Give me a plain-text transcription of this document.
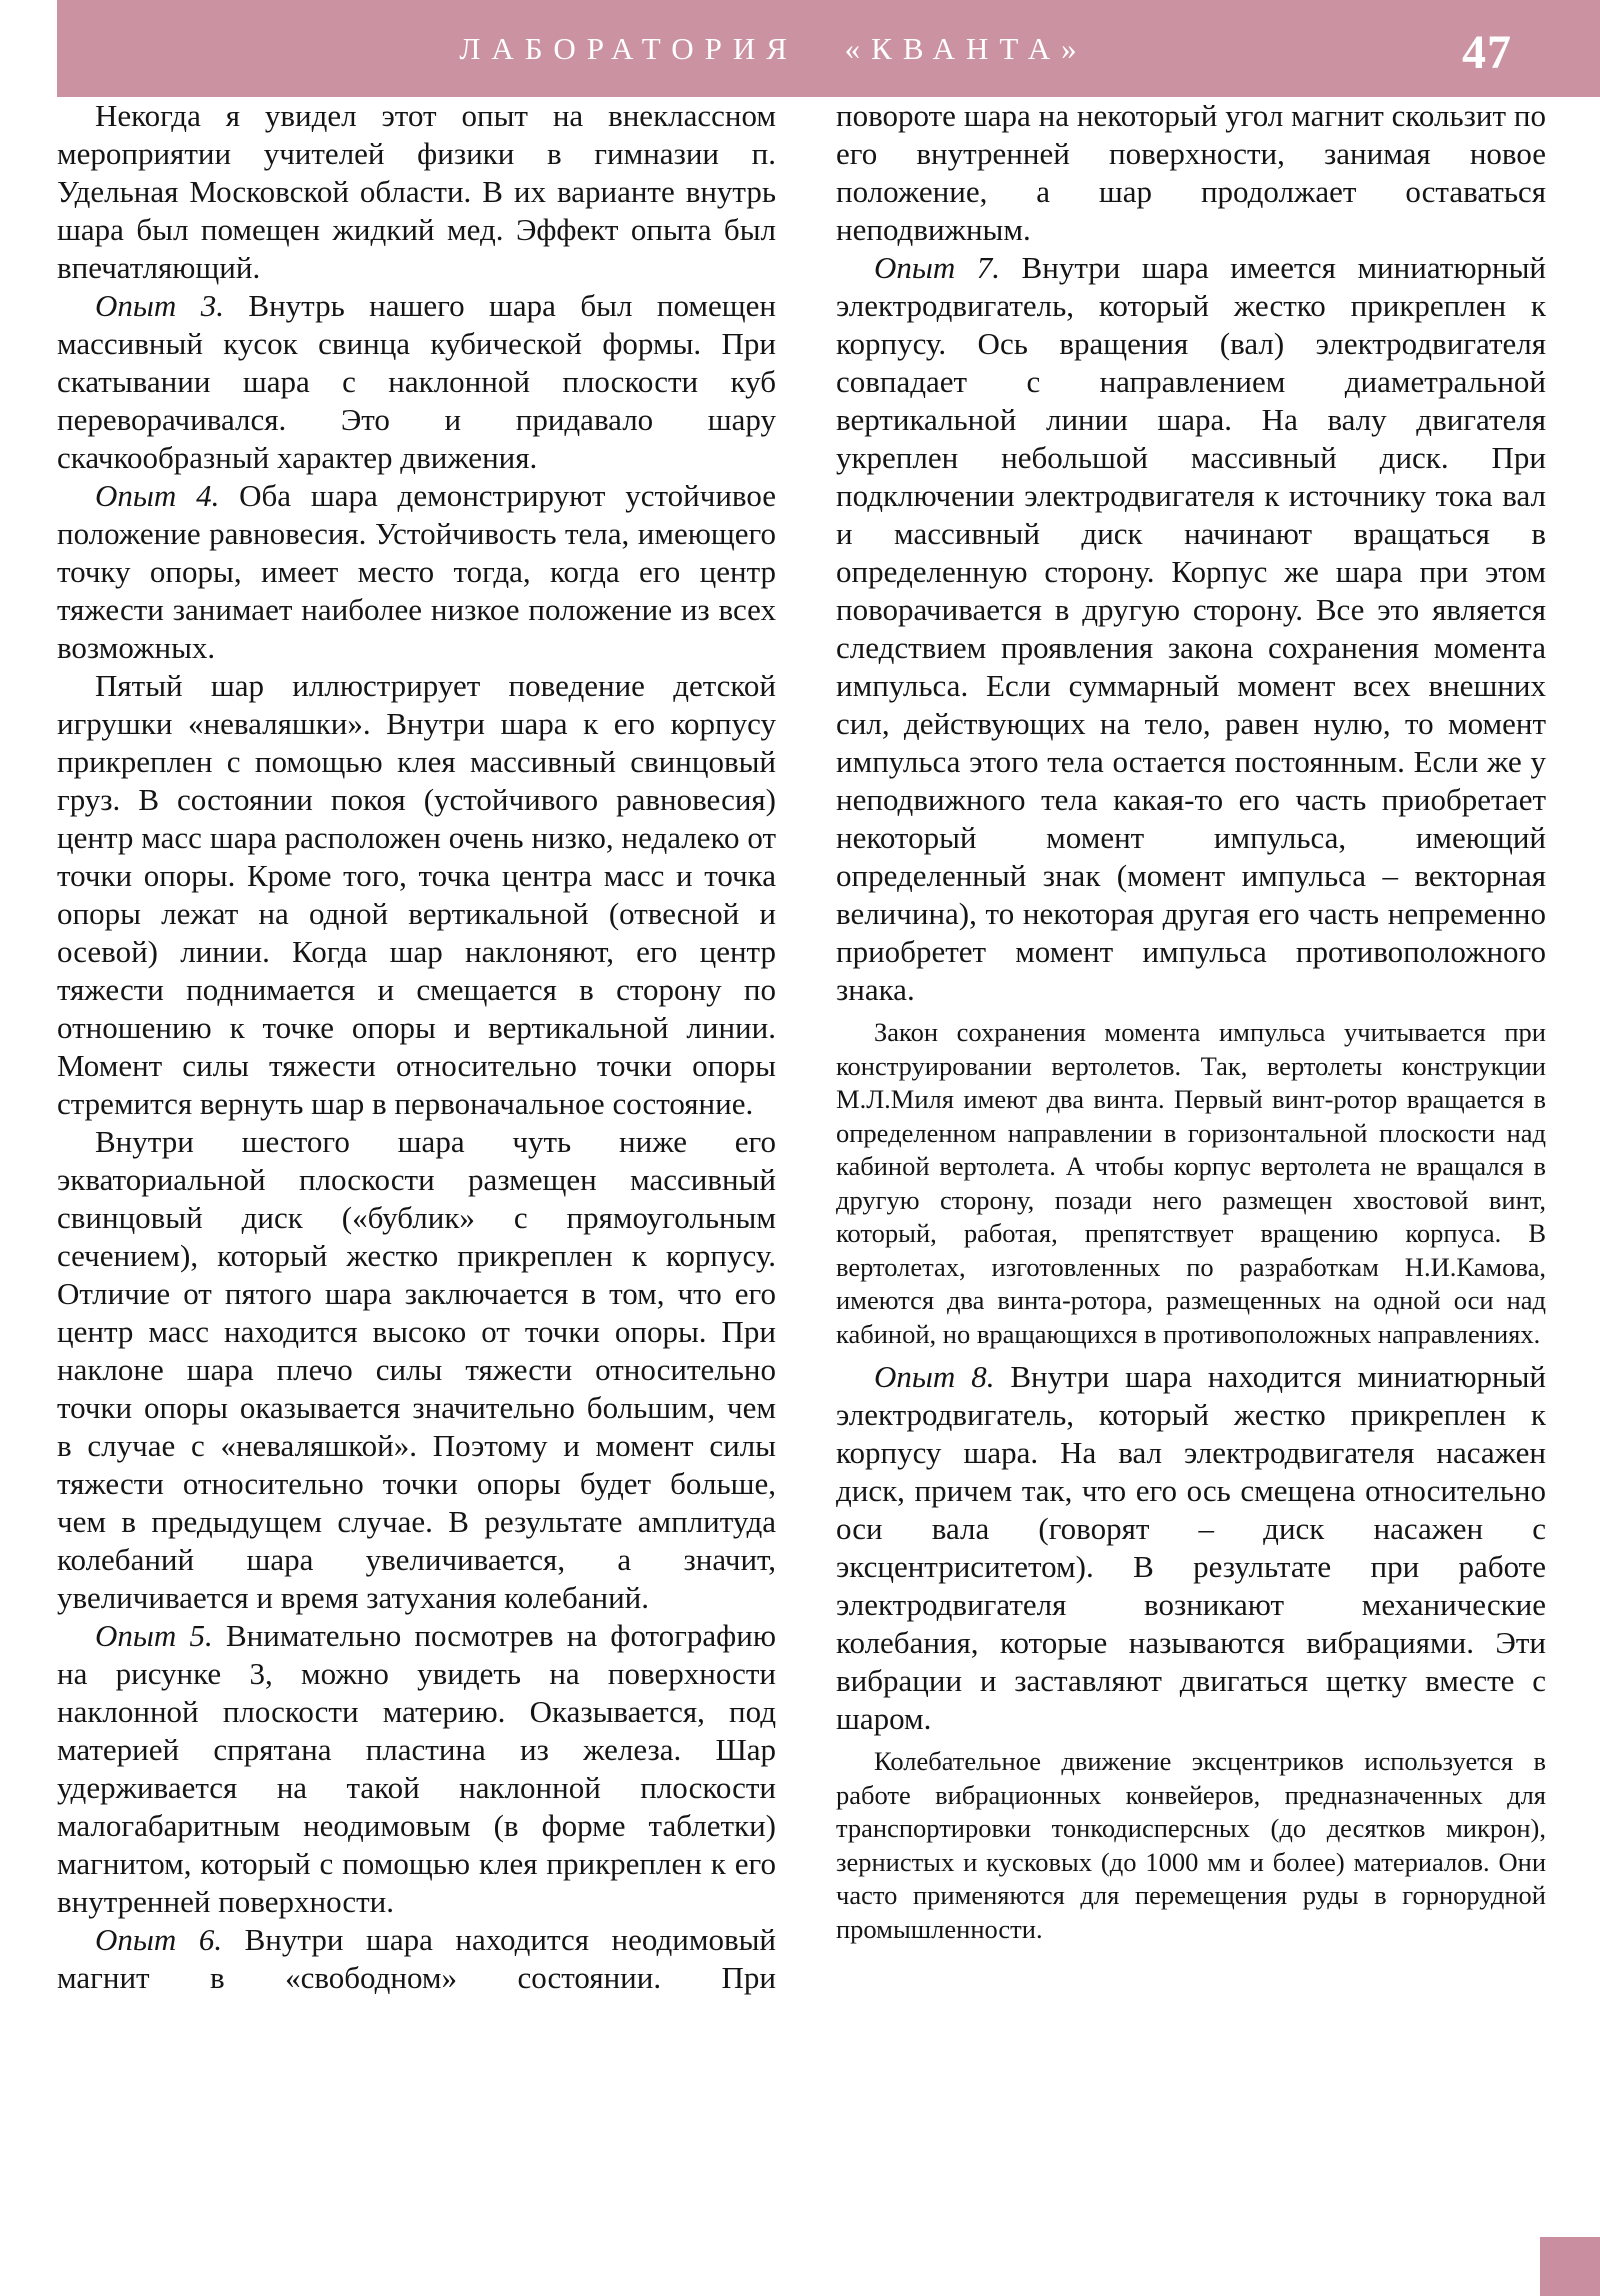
ЛАБОРАТОРИЯ «КВАНТА»	47

Некогда я увидел этот опыт на внеклассном мероприятии учителей физики в гимназии п. Удельная Московской области. В их варианте внутрь шара был помещен жидкий мед. Эффект опыта был впечатляющий.

Опыт 3. Внутрь нашего шара был помещен массивный кусок свинца кубической формы. При скатывании шара с наклонной плоскости куб переворачивался. Это и придавало шару скачкообразный характер движения.

Опыт 4. Оба шара демонстрируют устойчивое положение равновесия. Устойчивость тела, имеющего точку опоры, имеет место тогда, когда его центр тяжести занимает наиболее низкое положение из всех возможных.

Пятый шар иллюстрирует поведение детской игрушки «неваляшки». Внутри шара к его корпусу прикреплен с помощью клея массивный свинцовый груз. В состоянии покоя (устойчивого равновесия) центр масс шара расположен очень низко, недалеко от точки опоры. Кроме того, точка центра масс и точка опоры лежат на одной вертикальной (отвесной и осевой) линии. Когда шар наклоняют, его центр тяжести поднимается и смещается в сторону по отношению к точке опоры и вертикальной линии. Момент силы тяжести относительно точки опоры стремится вернуть шар в первоначальное состояние.

Внутри шестого шара чуть ниже его экваториальной плоскости размещен массивный свинцовый диск («бублик» с прямоугольным сечением), который жестко прикреплен к корпусу. Отличие от пятого шара заключается в том, что его центр масс находится высоко от точки опоры. При наклоне шара плечо силы тяжести относительно точки опоры оказывается значительно большим, чем в случае с «неваляшкой». Поэтому и момент силы тяжести относительно точки опоры будет больше, чем в предыдущем случае. В результате амплитуда колебаний шара увеличивается, а значит, увеличивается и время затухания колебаний.

Опыт 5. Внимательно посмотрев на фотографию на рисунке 3, можно увидеть на поверхности наклонной плоскости материю. Оказывается, под материей спрятана пластина из железа. Шар удерживается на такой наклонной плоскости малогабаритным неодимовым (в форме таблетки) магнитом, который с помощью клея прикреплен к его внутренней поверхности.

Опыт 6. Внутри шара находится неодимовый магнит в «свободном» состоянии. При

повороте шара на некоторый угол магнит скользит по его внутренней поверхности, занимая новое положение, а шар продолжает оставаться неподвижным.

Опыт 7. Внутри шара имеется миниатюрный электродвигатель, который жестко прикреплен к корпусу. Ось вращения (вал) электродвигателя совпадает с направлением диаметральной вертикальной линии шара. На валу двигателя укреплен небольшой массивный диск. При подключении электродвигателя к источнику тока вал и массивный диск начинают вращаться в определенную сторону. Корпус же шара при этом поворачивается в другую сторону. Все это является следствием проявления закона сохранения момента импульса. Если суммарный момент всех внешних сил, действующих на тело, равен нулю, то момент импульса этого тела остается постоянным. Если же у неподвижного тела какая-то его часть приобретает некоторый момент импульса, имеющий определенный знак (момент импульса – векторная величина), то некоторая другая его часть непременно приобретет момент импульса противоположного знака.

Закон сохранения момента импульса учитывается при конструировании вертолетов. Так, вертолеты конструкции М.Л.Миля имеют два винта. Первый винт-ротор вращается в определенном направлении в горизонтальной плоскости над кабиной вертолета. А чтобы корпус вертолета не вращался в другую сторону, позади него размещен хвостовой винт, который, работая, препятствует вращению корпуса. В вертолетах, изготовленных по разработкам Н.И.Камова, имеются два винта-ротора, размещенных на одной оси над кабиной, но вращающихся в противоположных направлениях.

Опыт 8. Внутри шара находится миниатюрный электродвигатель, который жестко прикреплен к корпусу шара. На вал электродвигателя насажен диск, причем так, что его ось смещена относительно оси вала (говорят – диск насажен с эксцентриситетом). В результате при работе электродвигателя возникают механические колебания, которые называются вибрациями. Эти вибрации и заставляют двигаться щетку вместе с шаром.

Колебательное движение эксцентриков используется в работе вибрационных конвейеров, предназначенных для транспортировки тонкодисперсных (до десятков микрон), зернистых и кусковых (до 1000 мм и более) материалов. Они часто применяются для перемещения руды в горнорудной промышленности.
